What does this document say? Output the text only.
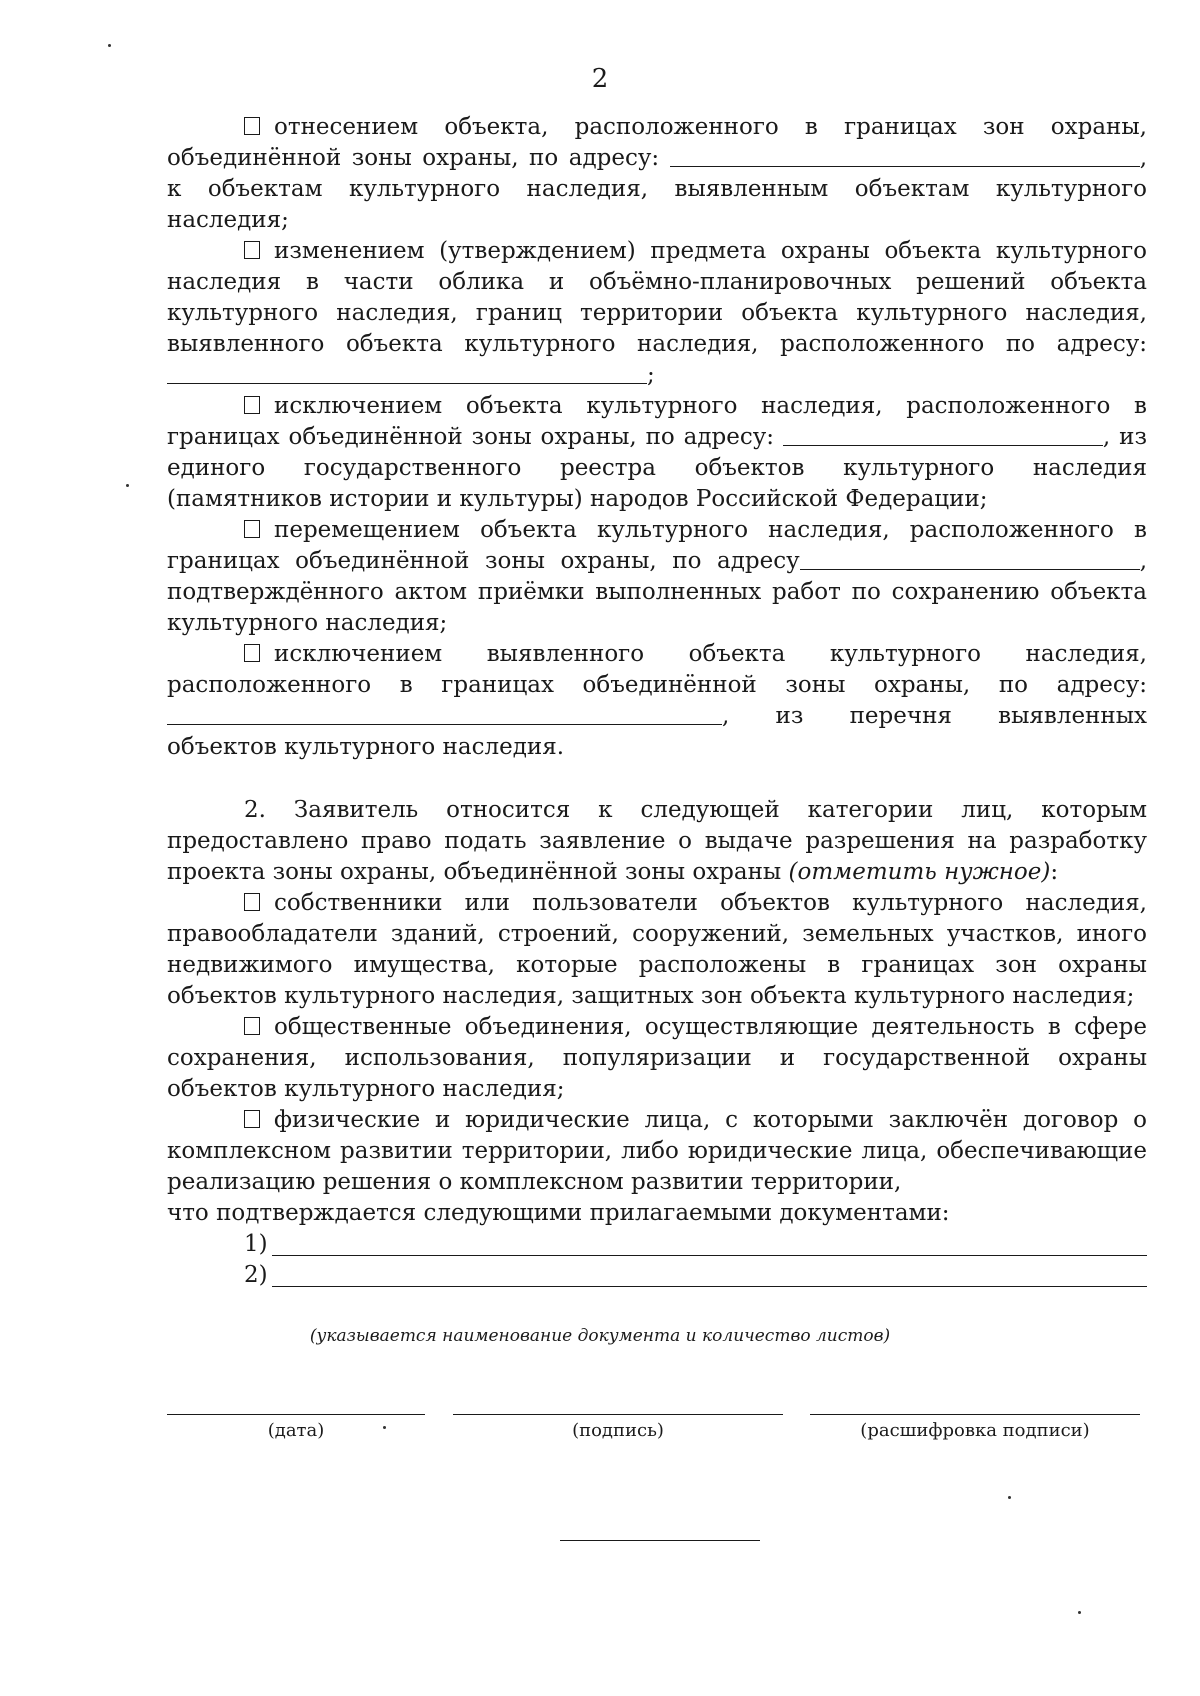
2

отнесением объекта, расположенного в границах зон охраны, объединённой зоны охраны, по адресу:	, к объектам культурного наследия, выявленным объектам культурного наследия;

изменением (утверждением) предмета охраны объекта культурного наследия в части облика и объёмно-планировочных решений объекта культурного наследия, границ территории объекта культурного наследия, выявленного объекта культурного наследия, расположенного по адресу: ;

исключением объекта культурного наследия, расположенного в границах объединённой зоны охраны, по адресу:	, из единого государственного реестра объектов культурного наследия (памятников истории и культуры) народов Российской Федерации;

перемещением объекта культурного наследия, расположенного в границах объединённой зоны охраны, по адресу	, подтверждённого актом приёмки выполненных работ по сохранению объекта культурного наследия;

исключением выявленного объекта культурного наследия, расположенного в границах объединённой зоны охраны, по адресу: , из перечня выявленных объектов культурного наследия.

2. Заявитель относится к следующей категории лиц, которым предоставлено право подать заявление о выдаче разрешения на разработку проекта зоны охраны, объединённой зоны охраны (отметить нужное):

собственники или пользователи объектов культурного наследия, правообладатели зданий, строений, сооружений, земельных участков, иного недвижимого имущества, которые расположены в границах зон охраны объектов культурного наследия, защитных зон объекта культурного наследия;

общественные объединения, осуществляющие деятельность в сфере сохранения, использования, популяризации и государственной охраны объектов культурного наследия;

физические и юридические лица, с которыми заключён договор о комплексном развитии территории, либо юридические лица, обеспечивающие реализацию решения о комплексном развитии территории,

что подтверждается следующими прилагаемыми документами:

1)
2)
(указывается наименование документа и количество листов)
(дата)	(подпись)	(расшифровка подписи)
